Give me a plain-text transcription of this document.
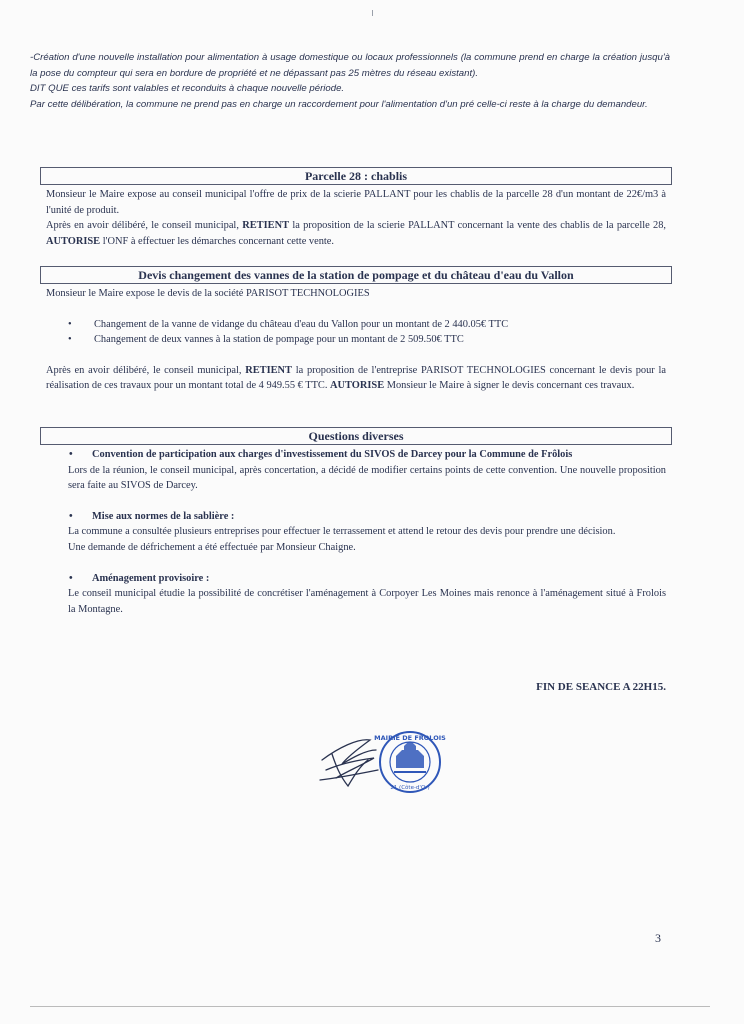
-Création d'une nouvelle installation pour alimentation à usage domestique ou locaux professionnels (la commune prend en charge la création jusqu'à la pose du compteur qui sera en bordure de propriété et ne dépassant pas 25 mètres du réseau existant).

DIT QUE ces tarifs sont valables et reconduits à chaque nouvelle période.

Par cette délibération, la commune ne prend pas en charge un raccordement pour l'alimentation d'un pré celle-ci reste à la charge du demandeur.

Parcelle 28 : chablis

Monsieur le Maire expose au conseil municipal l'offre de prix de la scierie PALLANT pour les chablis de la parcelle 28 d'un montant de 22€/m3 à l'unité de produit.

Après en avoir délibéré, le conseil municipal, RETIENT la proposition de la scierie PALLANT concernant la vente des chablis de la parcelle 28, AUTORISE l'ONF à effectuer les démarches concernant cette vente.

Devis changement des vannes de la station de pompage et du château d'eau du Vallon

Monsieur le Maire expose le devis de la société PARISOT TECHNOLOGIES

• Changement de la vanne de vidange du château d'eau du Vallon pour un montant de 2 440.05€ TTC
• Changement de deux vannes à la station de pompage pour un montant de 2 509.50€ TTC

Après en avoir délibéré, le conseil municipal, RETIENT la proposition de l'entreprise PARISOT TECHNOLOGIES concernant le devis pour la réalisation de ces travaux pour un montant total de 4 949.55 € TTC. AUTORISE Monsieur le Maire à signer le devis concernant ces travaux.

Questions diverses
• Convention de participation aux charges d'investissement du SIVOS de Darcey pour la Commune de Frôlois

Lors de la réunion, le conseil municipal, après concertation, a décidé de modifier certains points de cette convention. Une nouvelle proposition sera faite au SIVOS de Darcey.

• Mise aux normes de la sablière :

La commune a consultée plusieurs entreprises pour effectuer le terrassement et attend le retour des devis pour prendre une décision.

Une demande de défrichement a été effectuée par Monsieur Chaigne.

• Aménagement provisoire :

Le conseil municipal étudie la possibilité de concrétiser l'aménagement à Corpoyer Les Moines mais renonce à l'aménagement situé à Frolois la Montagne.

FIN DE SEANCE A 22H15.
MAIRIE DE FROLOIS
21 (Côte-d'Or)
3
